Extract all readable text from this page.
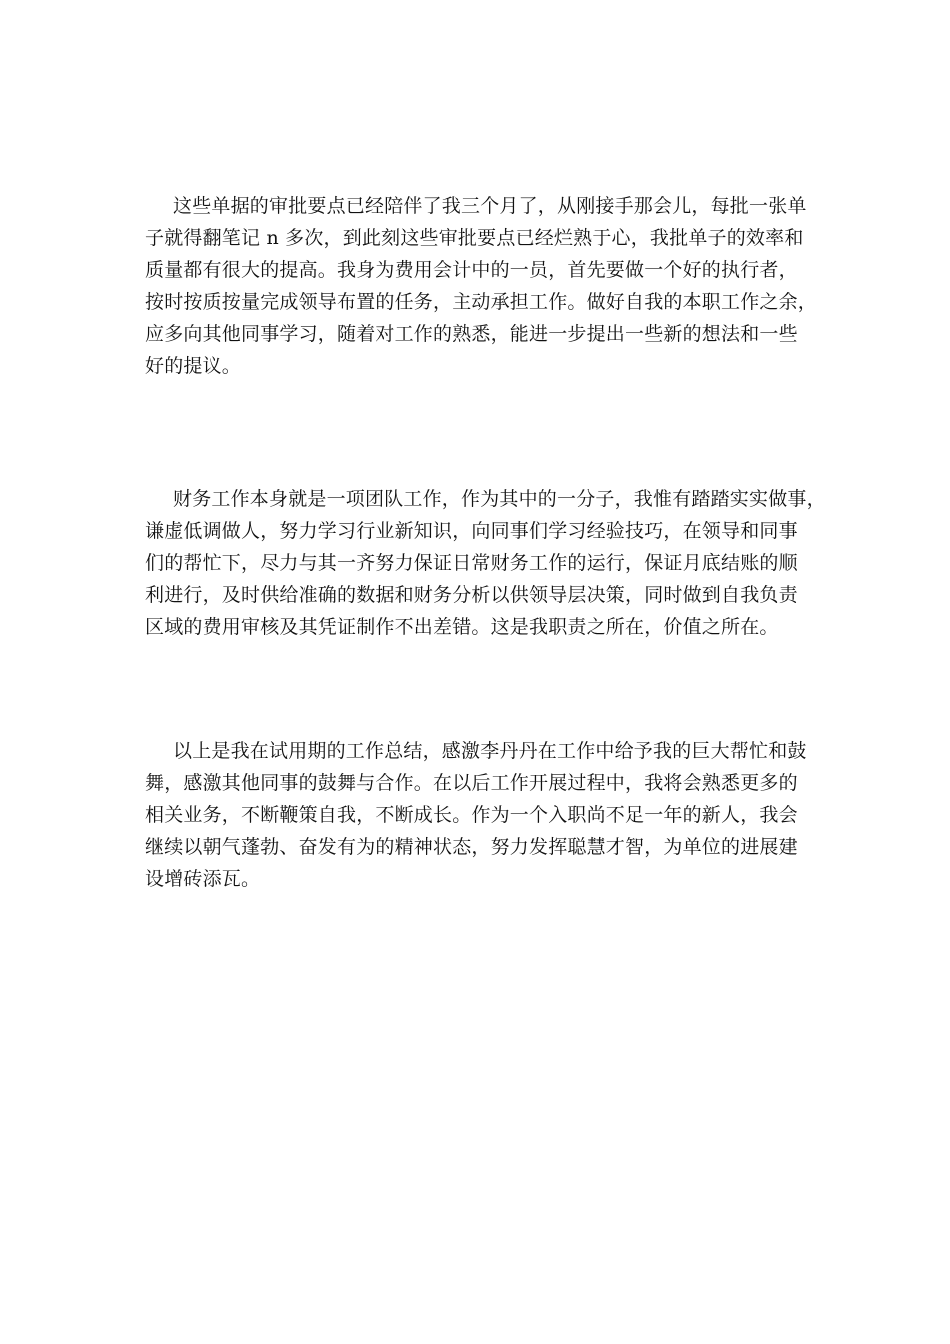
这些单据的审批要点已经陪伴了我三个月了，从刚接手那会儿，每批一张单
子就得翻笔记 n 多次，到此刻这些审批要点已经烂熟于心，我批单子的效率和
质量都有很大的提高。我身为费用会计中的一员，首先要做一个好的执行者，
按时按质按量完成领导布置的任务，主动承担工作。做好自我的本职工作之余，
应多向其他同事学习，随着对工作的熟悉，能进一步提出一些新的想法和一些
好的提议。
财务工作本身就是一项团队工作，作为其中的一分子，我惟有踏踏实实做事，
谦虚低调做人，努力学习行业新知识，向同事们学习经验技巧，在领导和同事
们的帮忙下，尽力与其一齐努力保证日常财务工作的运行，保证月底结账的顺
利进行，及时供给准确的数据和财务分析以供领导层决策，同时做到自我负责
区域的费用审核及其凭证制作不出差错。这是我职责之所在，价值之所在。
以上是我在试用期的工作总结，感激李丹丹在工作中给予我的巨大帮忙和鼓
舞，感激其他同事的鼓舞与合作。在以后工作开展过程中，我将会熟悉更多的
相关业务，不断鞭策自我，不断成长。作为一个入职尚不足一年的新人，我会
继续以朝气蓬勃、奋发有为的精神状态，努力发挥聪慧才智，为单位的进展建
设增砖添瓦。
